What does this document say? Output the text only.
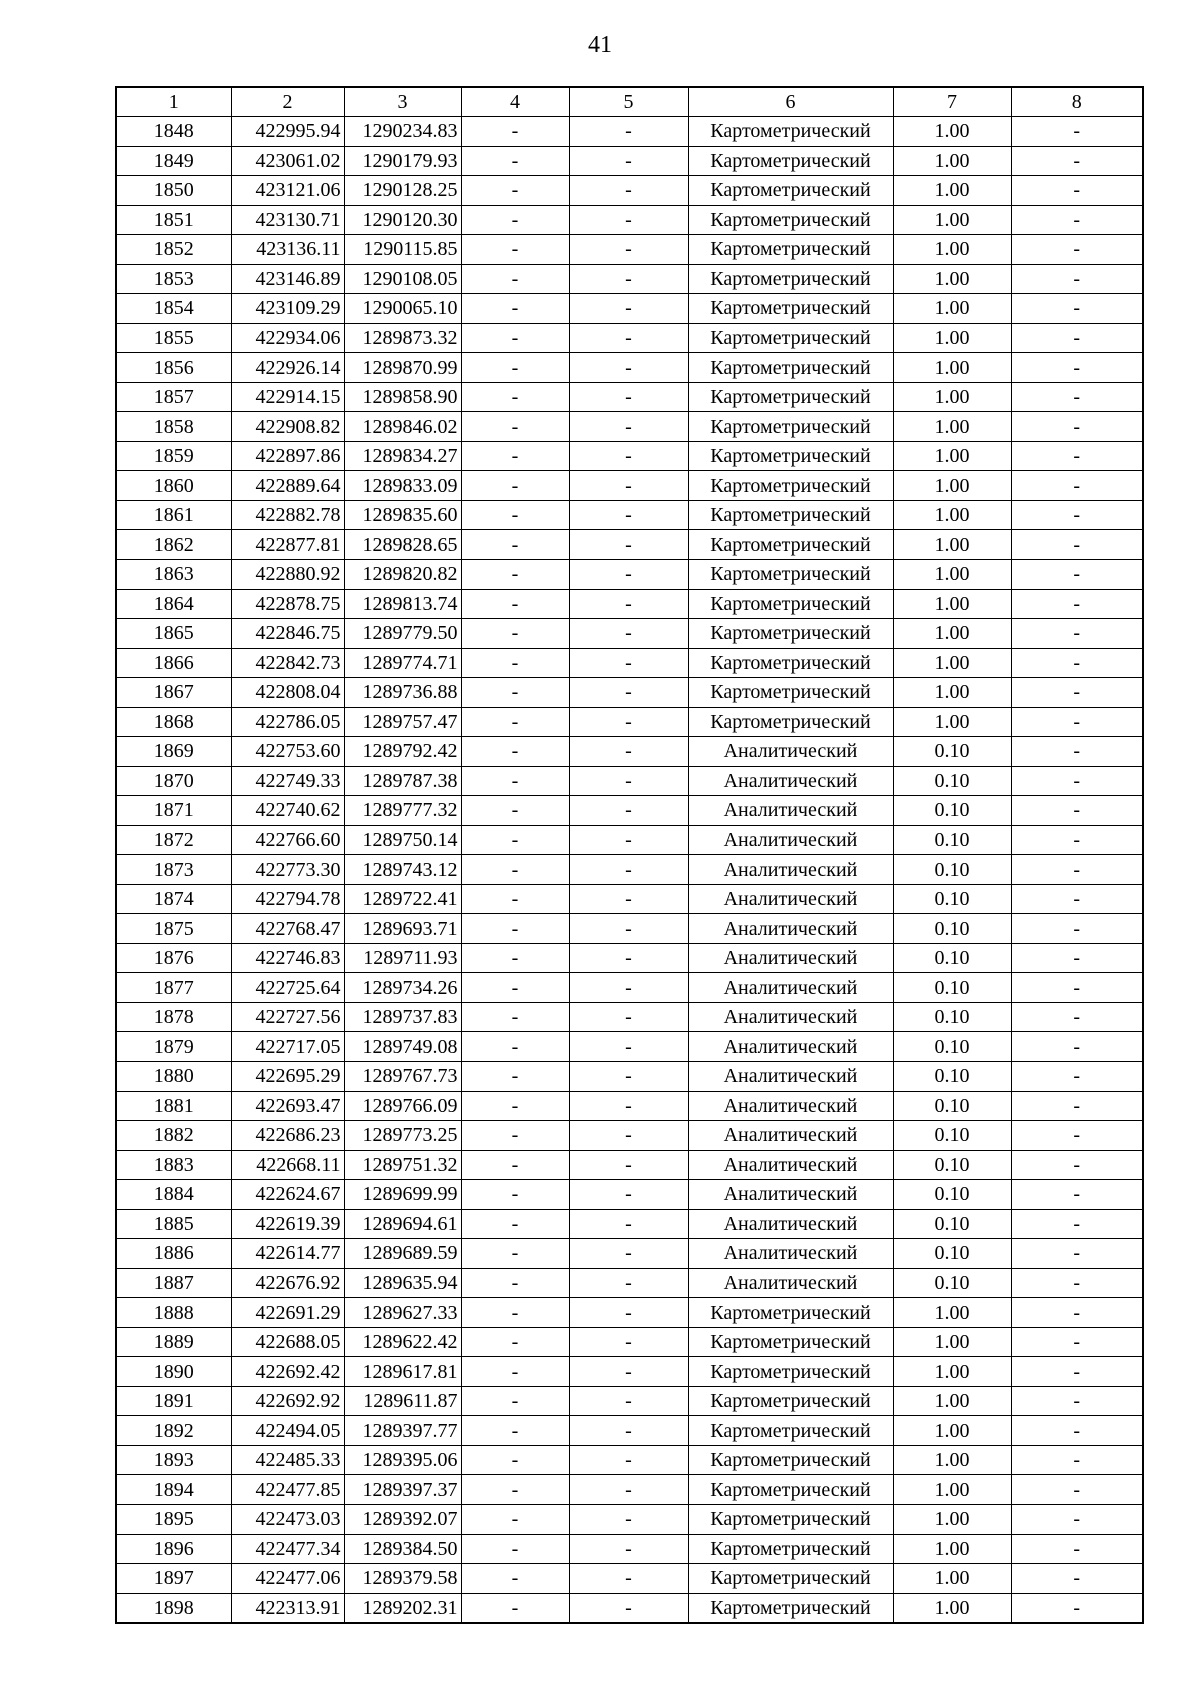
41
1	2	3	4	5	6	7	8
1848	422995.94	1290234.83	-	-	Картометрический	1.00	-
1849	423061.02	1290179.93	-	-	Картометрический	1.00	-
1850	423121.06	1290128.25	-	-	Картометрический	1.00	-
1851	423130.71	1290120.30	-	-	Картометрический	1.00	-
1852	423136.11	1290115.85	-	-	Картометрический	1.00	-
1853	423146.89	1290108.05	-	-	Картометрический	1.00	-
1854	423109.29	1290065.10	-	-	Картометрический	1.00	-
1855	422934.06	1289873.32	-	-	Картометрический	1.00	-
1856	422926.14	1289870.99	-	-	Картометрический	1.00	-
1857	422914.15	1289858.90	-	-	Картометрический	1.00	-
1858	422908.82	1289846.02	-	-	Картометрический	1.00	-
1859	422897.86	1289834.27	-	-	Картометрический	1.00	-
1860	422889.64	1289833.09	-	-	Картометрический	1.00	-
1861	422882.78	1289835.60	-	-	Картометрический	1.00	-
1862	422877.81	1289828.65	-	-	Картометрический	1.00	-
1863	422880.92	1289820.82	-	-	Картометрический	1.00	-
1864	422878.75	1289813.74	-	-	Картометрический	1.00	-
1865	422846.75	1289779.50	-	-	Картометрический	1.00	-
1866	422842.73	1289774.71	-	-	Картометрический	1.00	-
1867	422808.04	1289736.88	-	-	Картометрический	1.00	-
1868	422786.05	1289757.47	-	-	Картометрический	1.00	-
1869	422753.60	1289792.42	-	-	Аналитический	0.10	-
1870	422749.33	1289787.38	-	-	Аналитический	0.10	-
1871	422740.62	1289777.32	-	-	Аналитический	0.10	-
1872	422766.60	1289750.14	-	-	Аналитический	0.10	-
1873	422773.30	1289743.12	-	-	Аналитический	0.10	-
1874	422794.78	1289722.41	-	-	Аналитический	0.10	-
1875	422768.47	1289693.71	-	-	Аналитический	0.10	-
1876	422746.83	1289711.93	-	-	Аналитический	0.10	-
1877	422725.64	1289734.26	-	-	Аналитический	0.10	-
1878	422727.56	1289737.83	-	-	Аналитический	0.10	-
1879	422717.05	1289749.08	-	-	Аналитический	0.10	-
1880	422695.29	1289767.73	-	-	Аналитический	0.10	-
1881	422693.47	1289766.09	-	-	Аналитический	0.10	-
1882	422686.23	1289773.25	-	-	Аналитический	0.10	-
1883	422668.11	1289751.32	-	-	Аналитический	0.10	-
1884	422624.67	1289699.99	-	-	Аналитический	0.10	-
1885	422619.39	1289694.61	-	-	Аналитический	0.10	-
1886	422614.77	1289689.59	-	-	Аналитический	0.10	-
1887	422676.92	1289635.94	-	-	Аналитический	0.10	-
1888	422691.29	1289627.33	-	-	Картометрический	1.00	-
1889	422688.05	1289622.42	-	-	Картометрический	1.00	-
1890	422692.42	1289617.81	-	-	Картометрический	1.00	-
1891	422692.92	1289611.87	-	-	Картометрический	1.00	-
1892	422494.05	1289397.77	-	-	Картометрический	1.00	-
1893	422485.33	1289395.06	-	-	Картометрический	1.00	-
1894	422477.85	1289397.37	-	-	Картометрический	1.00	-
1895	422473.03	1289392.07	-	-	Картометрический	1.00	-
1896	422477.34	1289384.50	-	-	Картометрический	1.00	-
1897	422477.06	1289379.58	-	-	Картометрический	1.00	-
1898	422313.91	1289202.31	-	-	Картометрический	1.00	-
